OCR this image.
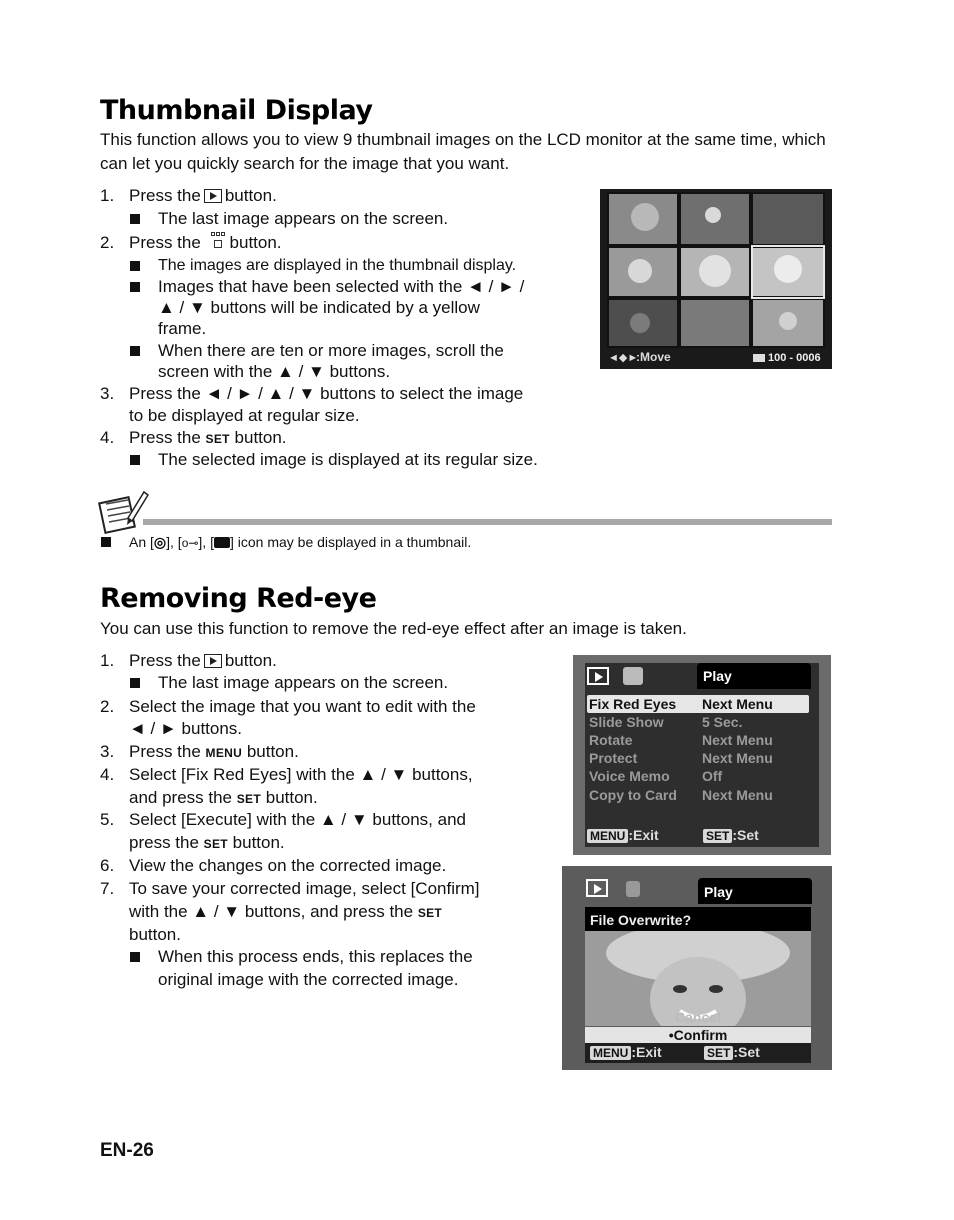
Thumbnail Display

This function allows you to view 9 thumbnail images on the LCD monitor at the same time, which can let you quickly search for the image that you want.

1. Press the button.
The last image appears on the screen.
2. Press the button.
The images are displayed in the thumbnail display.
Images that have been selected with the ◄ / ► /
▲ / ▼ buttons will be indicated by a yellow
frame.
When there are ten or more images, scroll the
screen with the ▲ / ▼ buttons.
3. Press the ◄ / ► / ▲ / ▼ buttons to select the image
to be displayed at regular size.
4. Press the SET button.
The selected image is displayed at its regular size.
◄◆►
:Move	100 - 0006
An [◎], [o⊸], [ ] icon may be displayed in a thumbnail.
Removing Red-eye

You can use this function to remove the red-eye effect after an image is taken.

1. Press the button.
The last image appears on the screen.
2. Select the image that you want to edit with the
◄ / ► buttons.
3. Press the MENU button.
4. Select [Fix Red Eyes] with the ▲ / ▼ buttons,
and press the SET button.
5. Select [Execute] with the ▲ / ▼ buttons, and
press the SET button.
6. View the changes on the corrected image.
7. To save your corrected image, select [Confirm]
with the ▲ / ▼ buttons, and press the SET
button.
When this process ends, this replaces the
original image with the corrected image.
Play
Fix Red Eyes Next Menu
Slide Show	5 Sec.
Rotate	Next Menu
Protect	Next Menu
Voice Memo Off
Copy to Card Next Menu
MENU :Exit	SET :Set
Play
File Overwrite?
Cancel
•Confirm
MENU :Exit	SET :Set
EN-26
